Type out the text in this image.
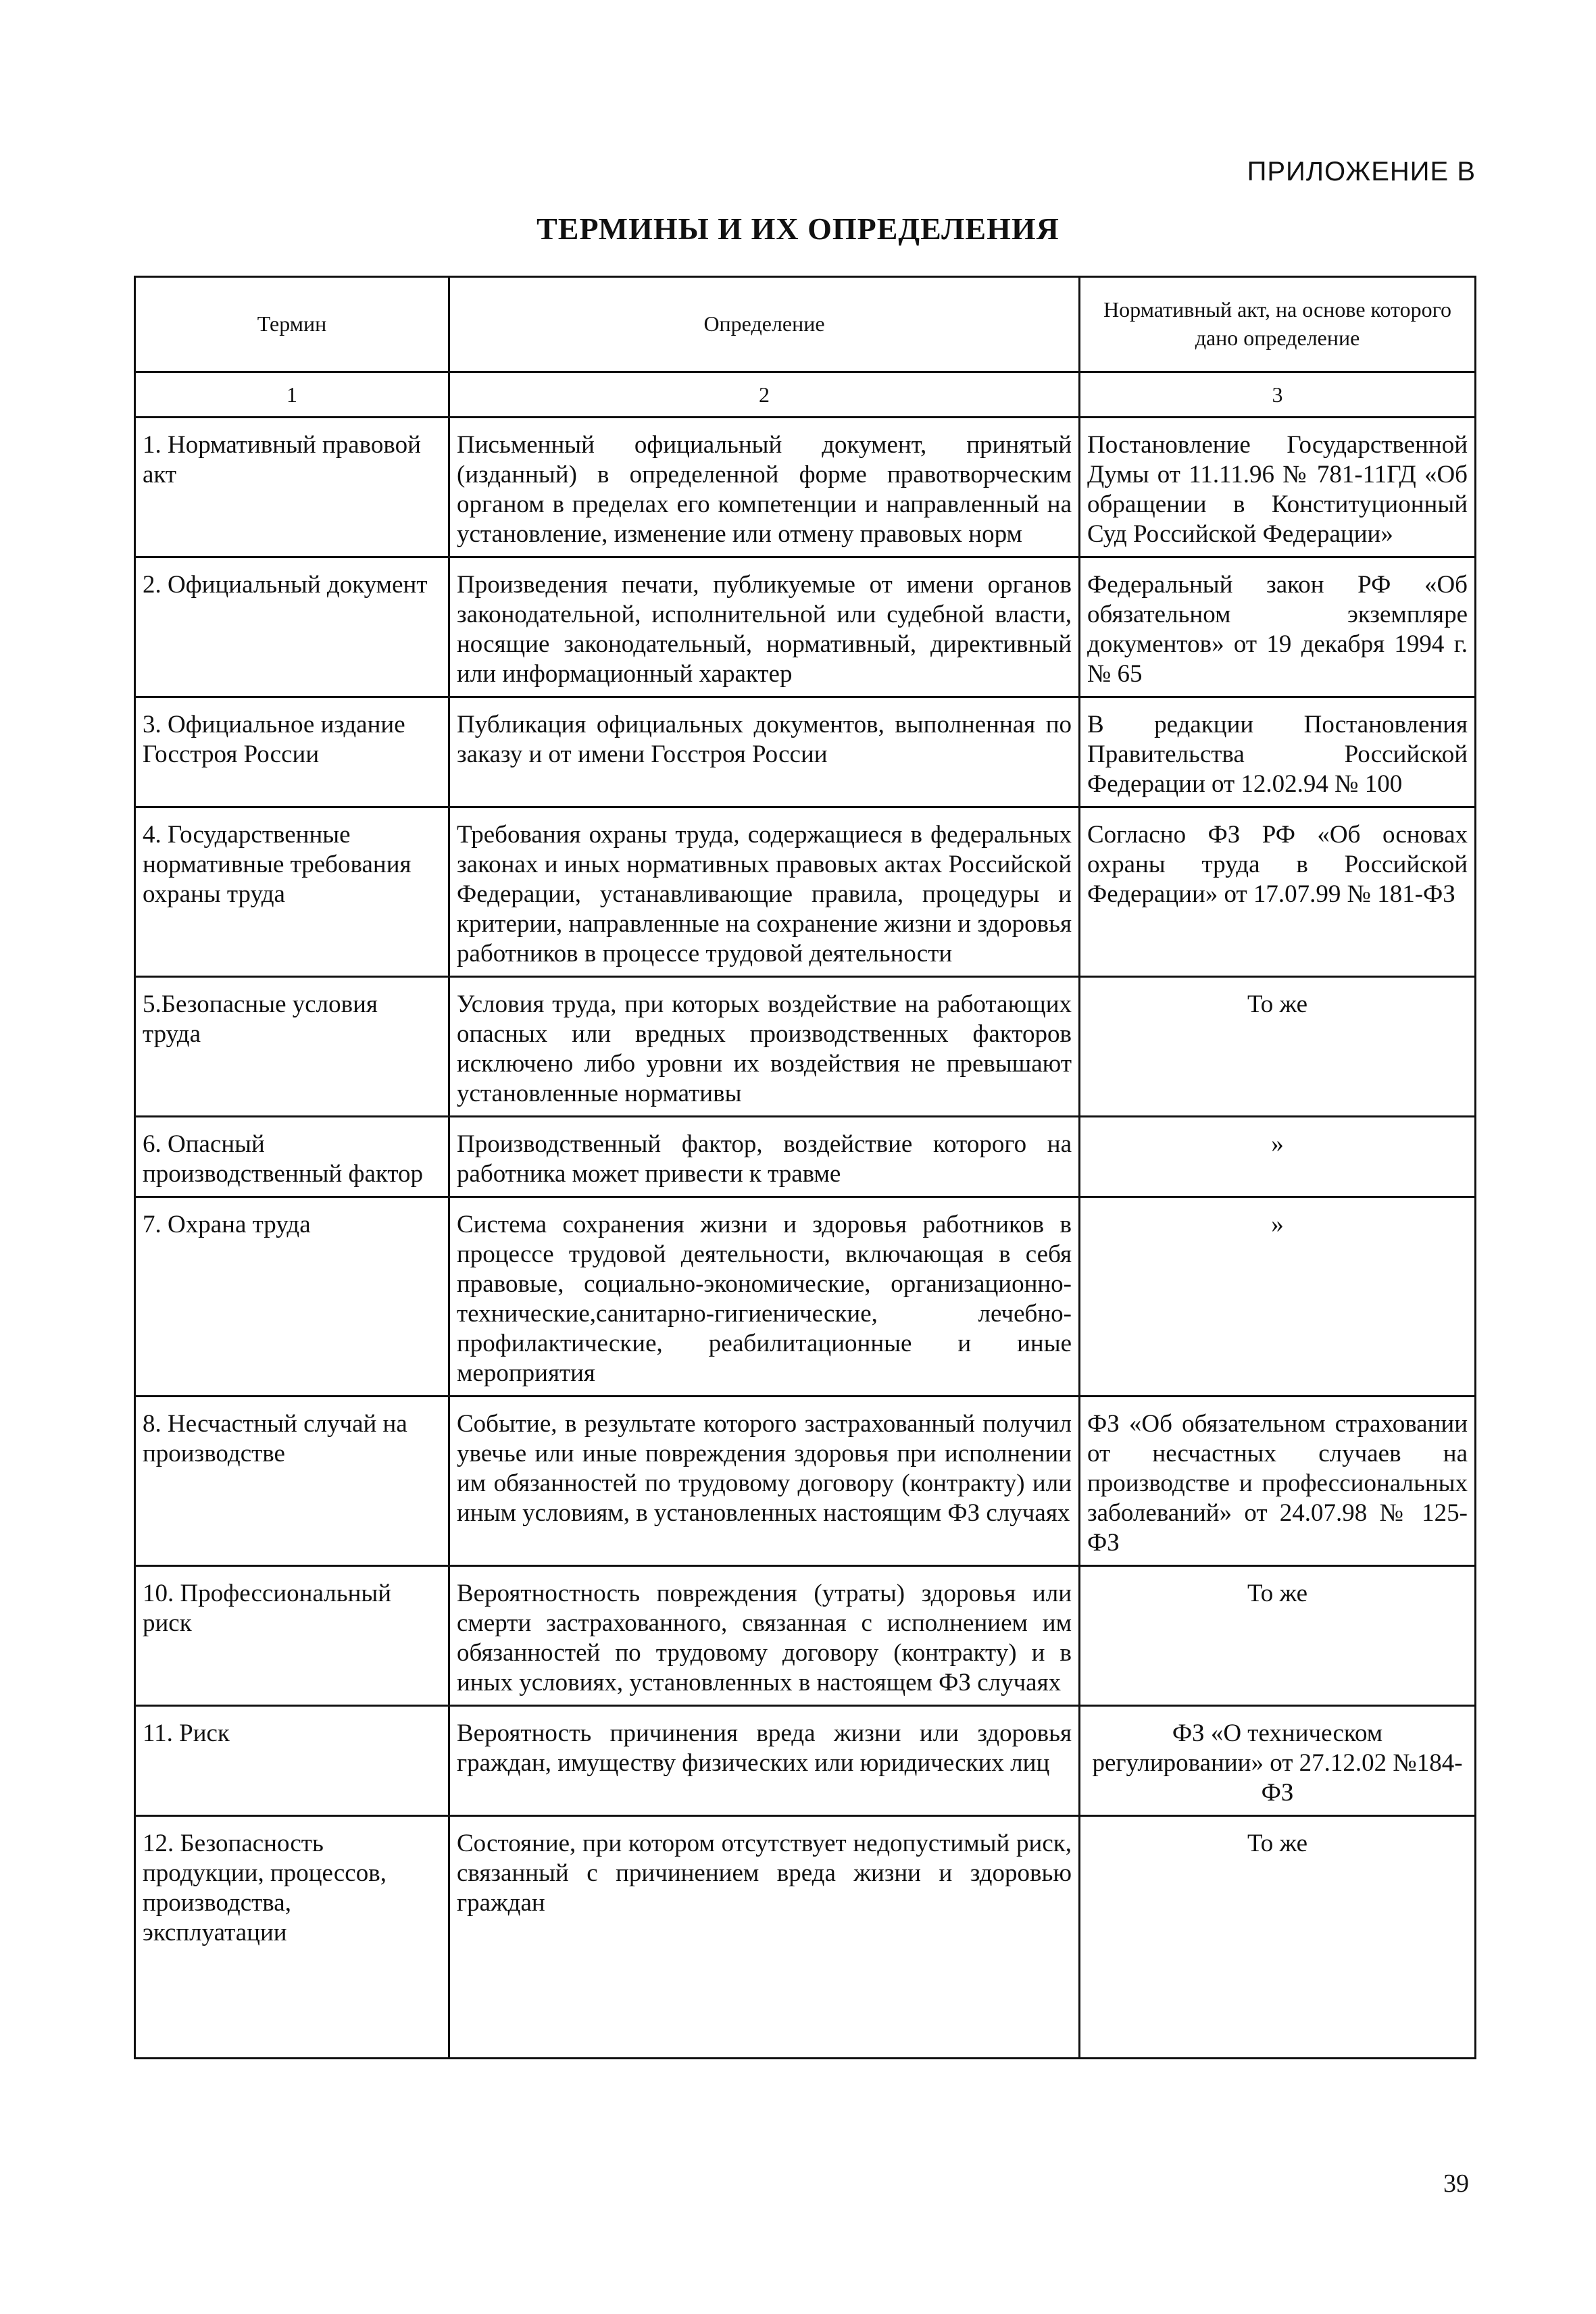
ПРИЛОЖЕНИЕ В
ТЕРМИНЫ И ИХ ОПРЕДЕЛЕНИЯ
Термин	Определение	Нормативный акт, на основе которого дано определение
1	2	3
1. Нормативный правовой акт	Письменный официальный документ, принятый (изданный) в определенной форме правотворческим органом в пределах его компетенции и направленный на установление, изменение или отмену правовых норм	Постановление Государственной Думы от 11.11.96 № 781-11ГД «Об обращении в Конституционный Суд Российской Федерации»
2. Официальный документ	Произведения печати, публикуемые от имени органов законодательной, исполнительной или судебной власти, носящие законодательный, нормативный, директивный или информационный характер	Федеральный закон РФ «Об обязательном экземпляре документов» от 19 декабря 1994 г. № 65
3. Официальное издание Госстроя России	Публикация официальных документов, выполненная по заказу и от имени Госстроя России	В редакции Постановления Правительства Российской Федерации от 12.02.94 № 100
4. Государственные нормативные требования охраны труда	Требования охраны труда, содержащиеся в федеральных законах и иных нормативных правовых актах Российской Федерации, устанавливающие правила, процедуры и критерии, направленные на сохранение жизни и здоровья работников в процессе трудовой деятельности	Согласно ФЗ РФ «Об основах охраны труда в Российской Федерации» от 17.07.99 № 181-ФЗ
5.Безопасные условия труда	Условия труда, при которых воздействие на работающих опасных или вредных производственных факторов исключено либо уровни их воздействия не превышают установленные нормативы	То же
6. Опасный производственный фактор	Производственный фактор, воздействие которого на работника может привести к травме	»
7. Охрана труда	Система сохранения жизни и здоровья работников в процессе трудовой деятельности, включающая в себя правовые, социально-экономические, организационно-технические,санитарно-гигиенические, лечебно-профилактические, реабилитационные и иные мероприятия	»
8. Несчастный случай на производстве	Событие, в результате которого застрахованный получил увечье или иные повреждения здоровья при исполнении им обязанностей по трудовому договору (контракту) или иным условиям, в установленных настоящим ФЗ случаях	ФЗ «Об обязательном страховании от несчастных случаев на производстве и профессиональных заболеваний» от 24.07.98 № 125-ФЗ
10. Профессиональный риск	Вероятностность повреждения (утраты) здоровья или смерти застрахованного, связанная с исполнением им обязанностей по трудовому договору (контракту) и в иных условиях, установленных в настоящем ФЗ случаях	То же
11. Риск	Вероятность причинения вреда жизни или здоровья граждан, имуществу физических или юридических лиц	ФЗ «О техническом регулировании» от 27.12.02 №184-ФЗ
12. Безопасность продукции, процессов, производства, эксплуатации	Состояние, при котором отсутствует недопустимый риск, связанный с причинением вреда жизни и здоровью граждан	То же
39
